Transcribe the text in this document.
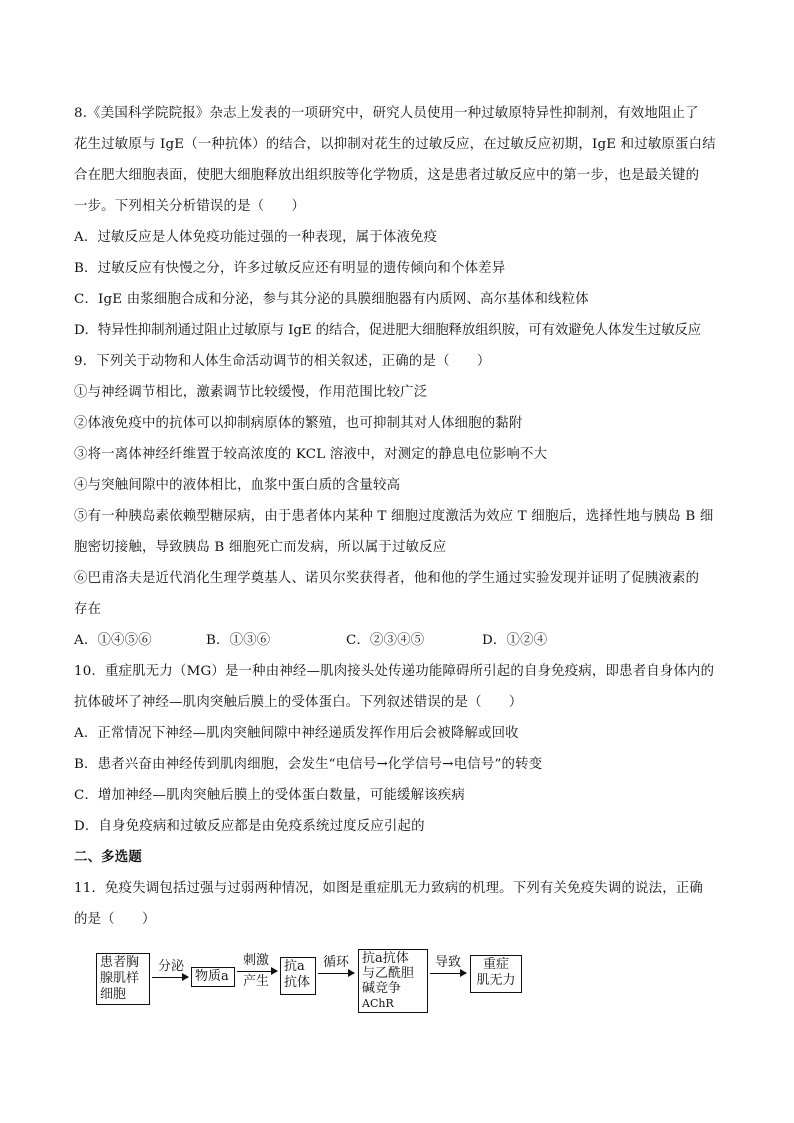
8.《美国科学院院报》杂志上发表的一项研究中，研究人员使用一种过敏原特异性抑制剂，有效地阻止了
花生过敏原与 IgE（一种抗体）的结合，以抑制对花生的过敏反应，在过敏反应初期，IgE 和过敏原蛋白结
合在肥大细胞表面，使肥大细胞释放出组织胺等化学物质，这是患者过敏反应中的第一步，也是最关键的
一步。下列相关分析错误的是（　　）
A．过敏反应是人体免疫功能过强的一种表现，属于体液免疫
B．过敏反应有快慢之分，许多过敏反应还有明显的遗传倾向和个体差异
C．IgE 由浆细胞合成和分泌，参与其分泌的具膜细胞器有内质网、高尔基体和线粒体
D．特异性抑制剂通过阻止过敏原与 IgE 的结合，促进肥大细胞释放组织胺，可有效避免人体发生过敏反应
9．下列关于动物和人体生命活动调节的相关叙述，正确的是（　　）
①与神经调节相比，激素调节比较缓慢，作用范围比较广泛
②体液免疫中的抗体可以抑制病原体的繁殖，也可抑制其对人体细胞的黏附
③将一离体神经纤维置于较高浓度的 KCL 溶液中，对测定的静息电位影响不大
④与突触间隙中的液体相比，血浆中蛋白质的含量较高
⑤有一种胰岛素依赖型糖尿病，由于患者体内某种 T 细胞过度激活为效应 T 细胞后，选择性地与胰岛 B 细
胞密切接触，导致胰岛 B 细胞死亡而发病，所以属于过敏反应
⑥巴甫洛夫是近代消化生理学奠基人、诺贝尔奖获得者，他和他的学生通过实验发现并证明了促胰液素的
存在
A．①④⑤⑥	B．①③⑥	C．②③④⑤	D．①②④
10．重症肌无力（MG）是一种由神经—肌肉接头处传递功能障碍所引起的自身免疫病，即患者自身体内的
抗体破坏了神经—肌肉突触后膜上的受体蛋白。下列叙述错误的是（　　）
A．正常情况下神经—肌肉突触间隙中神经递质发挥作用后会被降解或回收
B．患者兴奋由神经传到肌肉细胞，会发生“电信号→化学信号→电信号”的转变
C．增加神经—肌肉突触后膜上的受体蛋白数量，可能缓解该疾病
D．自身免疫病和过敏反应都是由免疫系统过度反应引起的
二、多选题
11．免疫失调包括过强与过弱两种情况，如图是重症肌无力致病的机理。下列有关免疫失调的说法，正确
的是（　　）
患者胸
腺肌样
细胞
分泌
物质a
刺激
产生
抗a
抗体
循环	抗a抗体
与乙酰胆
碱竞争
AChR
导致	重症
肌无力
